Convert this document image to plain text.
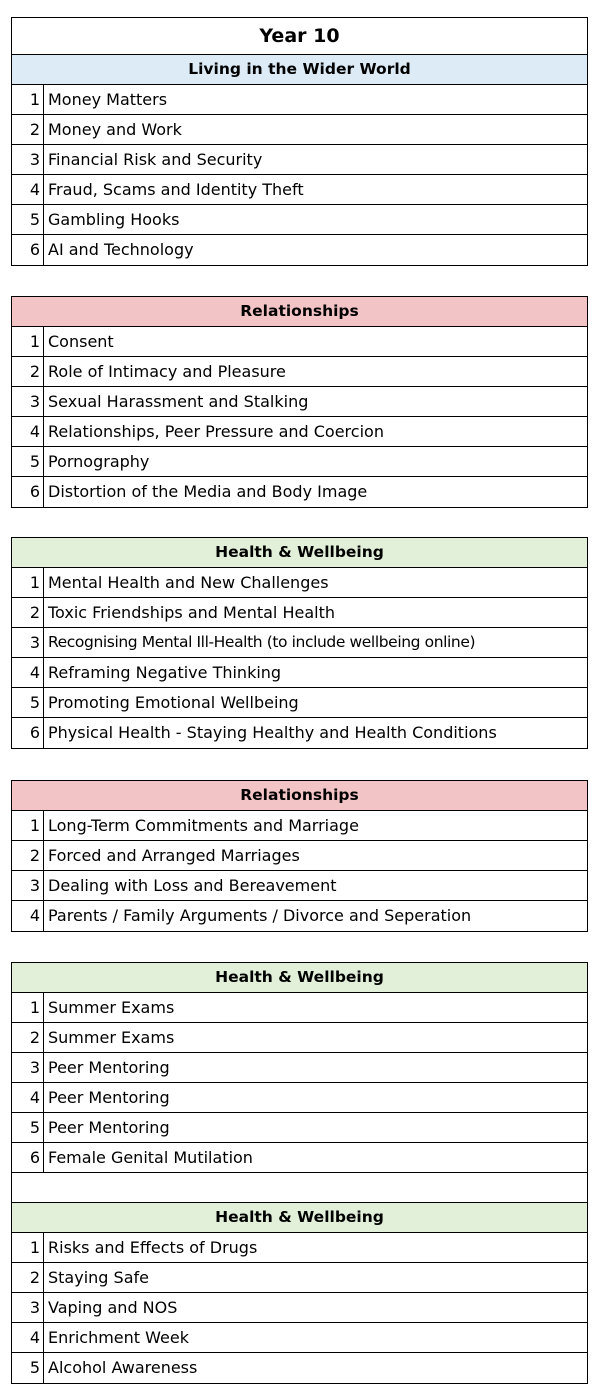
Year 10
Living in the Wider World
1 Money Matters
2 Money and Work
3 Financial Risk and Security
4 Fraud, Scams and Identity Theft
5 Gambling Hooks
6 AI and Technology
Relationships
1 Consent
2 Role of Intimacy and Pleasure
3 Sexual Harassment and Stalking
4 Relationships, Peer Pressure and Coercion
5 Pornography
6 Distortion of the Media and Body Image
Health & Wellbeing
1 Mental Health and New Challenges
2 Toxic Friendships and Mental Health
3 Recognising Mental Ill-Health (to include wellbeing online)
4 Reframing Negative Thinking
5 Promoting Emotional Wellbeing
6 Physical Health - Staying Healthy and Health Conditions
Relationships
1 Long-Term Commitments and Marriage
2 Forced and Arranged Marriages
3 Dealing with Loss and Bereavement
4 Parents / Family Arguments / Divorce and Seperation
Health & Wellbeing
1 Summer Exams
2 Summer Exams
3 Peer Mentoring
4 Peer Mentoring
5 Peer Mentoring
6 Female Genital Mutilation
Health & Wellbeing
1 Risks and Effects of Drugs
2 Staying Safe
3 Vaping and NOS
4 Enrichment Week
5 Alcohol Awareness
